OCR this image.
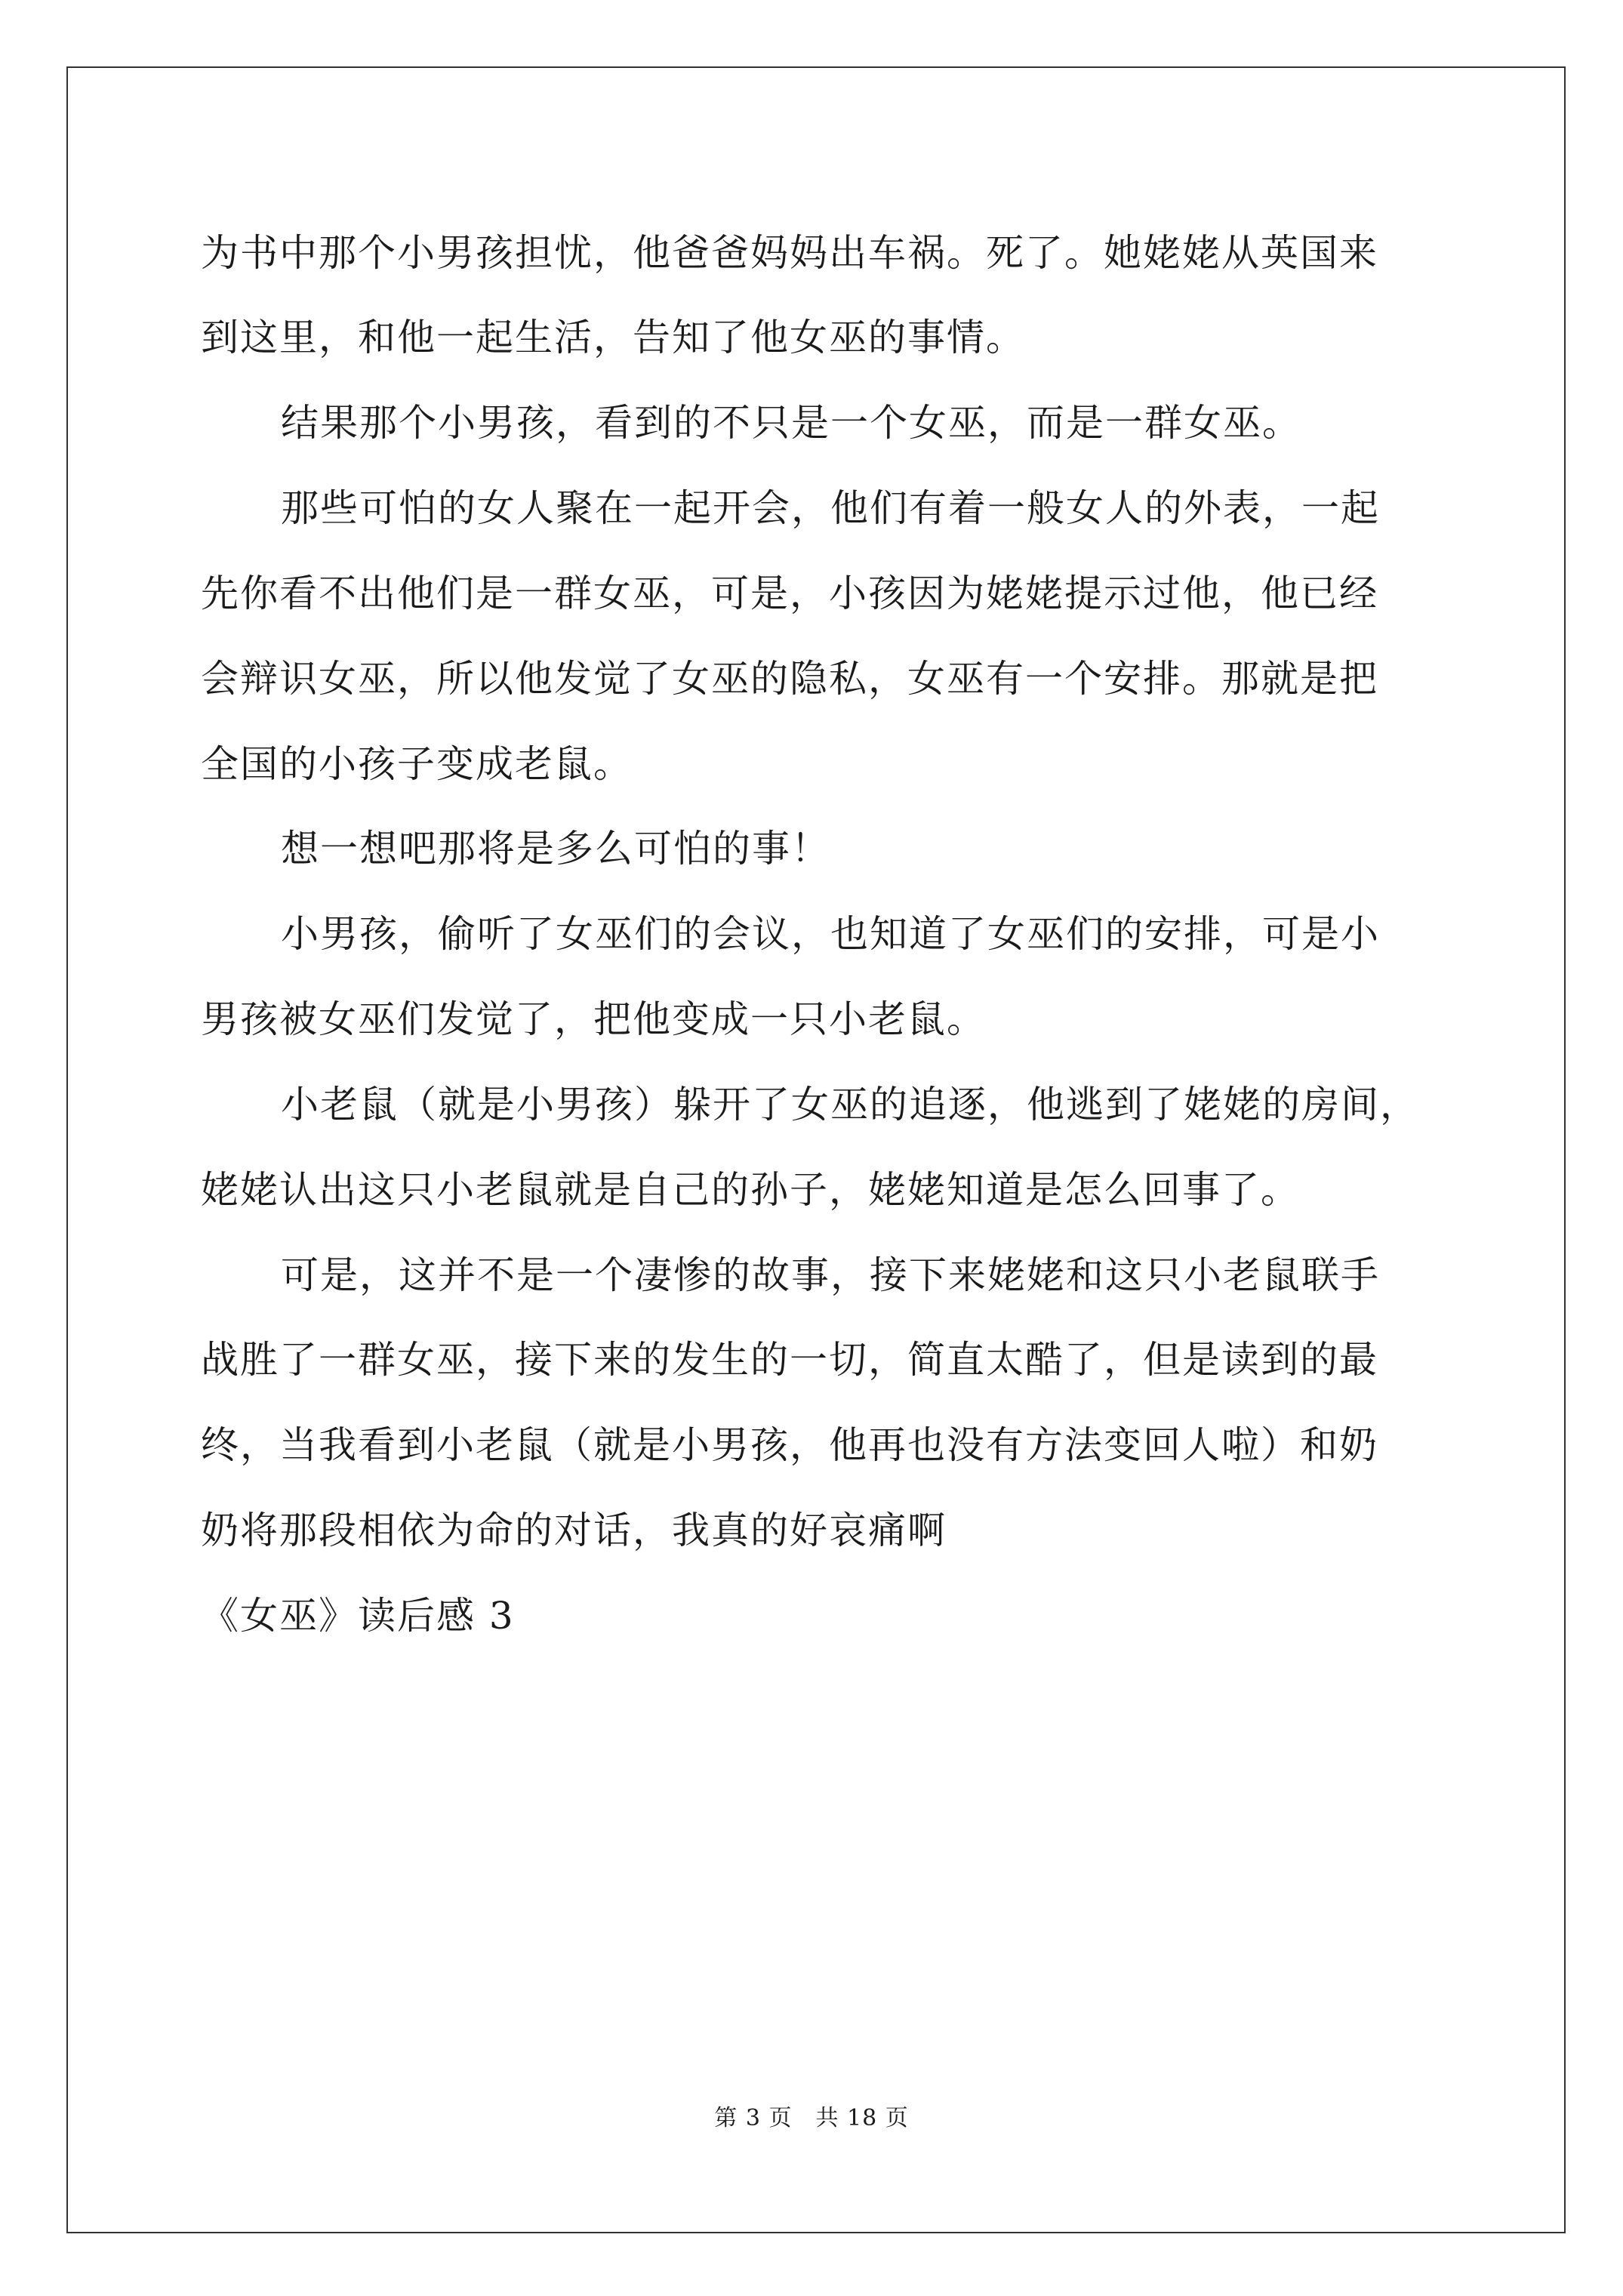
为书中那个小男孩担忧，他爸爸妈妈出车祸。死了。她姥姥从英国来
到这里，和他一起生活，告知了他女巫的事情。
结果那个小男孩，看到的不只是一个女巫，而是一群女巫。
那些可怕的女人聚在一起开会，他们有着一般女人的外表，一起
先你看不出他们是一群女巫，可是，小孩因为姥姥提示过他，他已经
会辩识女巫，所以他发觉了女巫的隐私，女巫有一个安排。那就是把
全国的小孩子变成老鼠。
想一想吧那将是多么可怕的事！
小男孩，偷听了女巫们的会议，也知道了女巫们的安排，可是小
男孩被女巫们发觉了，把他变成一只小老鼠。
小老鼠（就是小男孩）躲开了女巫的追逐，他逃到了姥姥的房间，
姥姥认出这只小老鼠就是自己的孙子，姥姥知道是怎么回事了。
可是，这并不是一个凄惨的故事，接下来姥姥和这只小老鼠联手
战胜了一群女巫，接下来的发生的一切，简直太酷了，但是读到的最
终，当我看到小老鼠（就是小男孩，他再也没有方法变回人啦）和奶
奶将那段相依为命的对话，我真的好哀痛啊
《女巫》读后感 3
第 3 页　共 18 页
